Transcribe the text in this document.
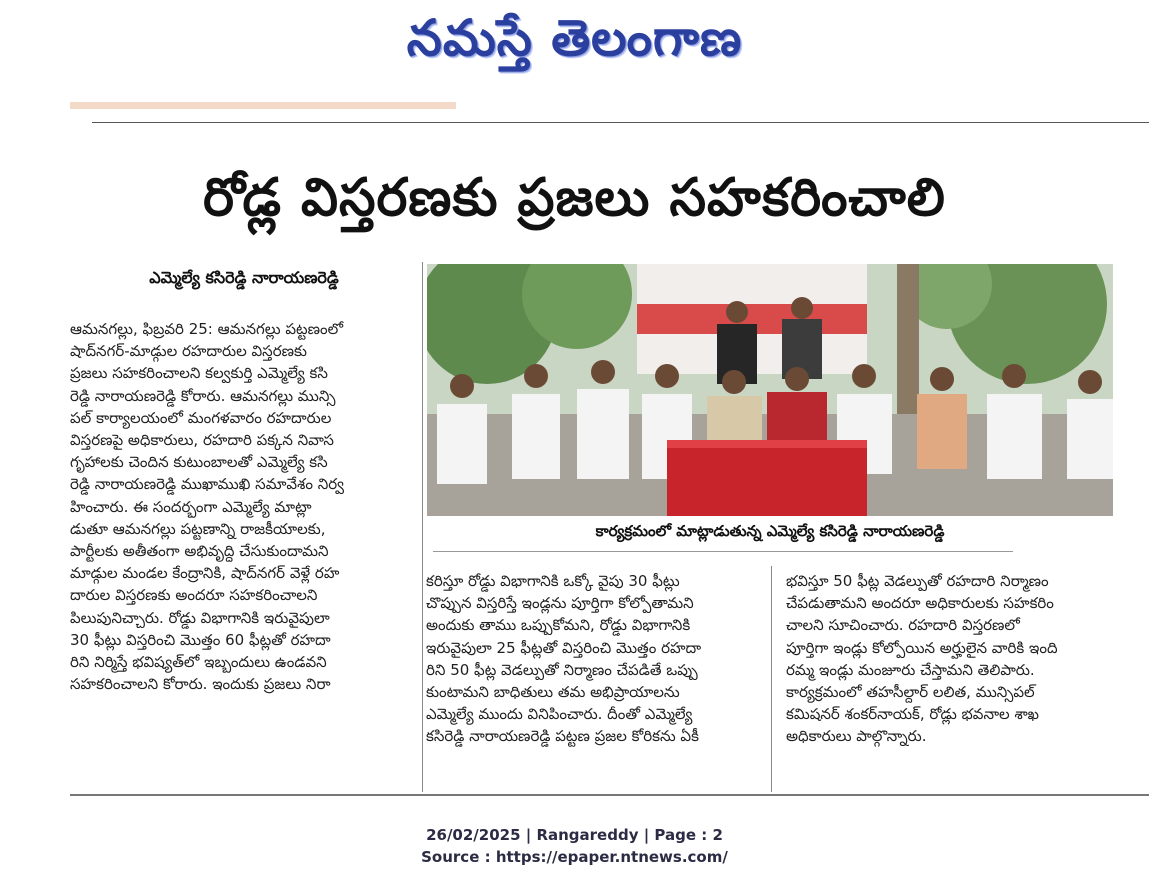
నమస్తే తెలంగాణ
రోడ్ల విస్తరణకు ప్రజలు సహకరించాలి
ఎమ్మెల్యే కసిరెడ్డి నారాయణరెడ్డి

ఆమనగల్లు, ఫిబ్రవరి 25: ఆమనగల్లు పట్టణంలో

షాద్‌నగర్-మాడ్గుల రహదారుల విస్తరణకు

ప్రజలు సహకరించాలని కల్వకుర్తి ఎమ్మెల్యే కసి

రెడ్డి నారాయణరెడ్డి కోరారు. ఆమనగల్లు మున్సి

పల్ కార్యాలయంలో మంగళవారం రహదారుల

విస్తరణపై అధికారులు, రహదారి పక్కన నివాస

గృహాలకు చెందిన కుటుంబాలతో ఎమ్మెల్యే కసి

రెడ్డి నారాయణరెడ్డి ముఖాముఖి సమావేశం నిర్వ

హించారు. ఈ సందర్భంగా ఎమ్మెల్యే మాట్లా

డుతూ ఆమనగల్లు పట్టణాన్ని రాజకీయాలకు,

పార్టీలకు అతీతంగా అభివృద్ధి చేసుకుందామని

మాడ్గుల మండల కేంద్రానికి, షాద్‌నగర్ వెళ్లే రహ

దారుల విస్తరణకు అందరూ సహకరించాలని

పిలుపునిచ్చారు. రోడ్డు విభాగానికి ఇరువైపులా

30 ఫీట్లు విస్తరించి మొత్తం 60 ఫీట్లతో రహదా

రిని నిర్మిస్తే భవిష్యత్‌లో ఇబ్బందులు ఉండవని

సహకరించాలని కోరారు. ఇందుకు ప్రజలు నిరా

కార్యక్రమంలో మాట్లాడుతున్న ఎమ్మెల్యే కసిరెడ్డి నారాయణరెడ్డి

కరిస్తూ రోడ్డు విభాగానికి ఒక్కో వైపు 30 ఫీట్లు

చొప్పున విస్తరిస్తే ఇండ్లను పూర్తిగా కోల్పోతామని

అందుకు తాము ఒప్పుకోమని, రోడ్డు విభాగానికి

ఇరువైపులా 25 ఫీట్లతో విస్తరించి మొత్తం రహదా

రిని 50 ఫీట్ల వెడల్పుతో నిర్మాణం చేపడితే ఒప్పు

కుంటామని బాధితులు తమ అభిప్రాయాలను

ఎమ్మెల్యే ముందు వినిపించారు. దీంతో ఎమ్మెల్యే

కసిరెడ్డి నారాయణరెడ్డి పట్టణ ప్రజల కోరికను ఏకీ

భవిస్తూ 50 ఫీట్ల వెడల్పుతో రహదారి నిర్మాణం

చేపడుతామని అందరూ అధికారులకు సహకరిం

చాలని సూచించారు. రహదారి విస్తరణలో

పూర్తిగా ఇండ్లు కోల్పోయిన అర్హులైన వారికి ఇంది

రమ్మ ఇండ్లు మంజూరు చేస్తామని తెలిపారు.

కార్యక్రమంలో తహసీల్దార్ లలిత, మున్సిపల్

కమిషనర్ శంకర్‌నాయక్, రోడ్లు భవనాల శాఖ

అధికారులు పాల్గొన్నారు.

26/02/2025 | Rangareddy | Page : 2
Source : https://epaper.ntnews.com/
